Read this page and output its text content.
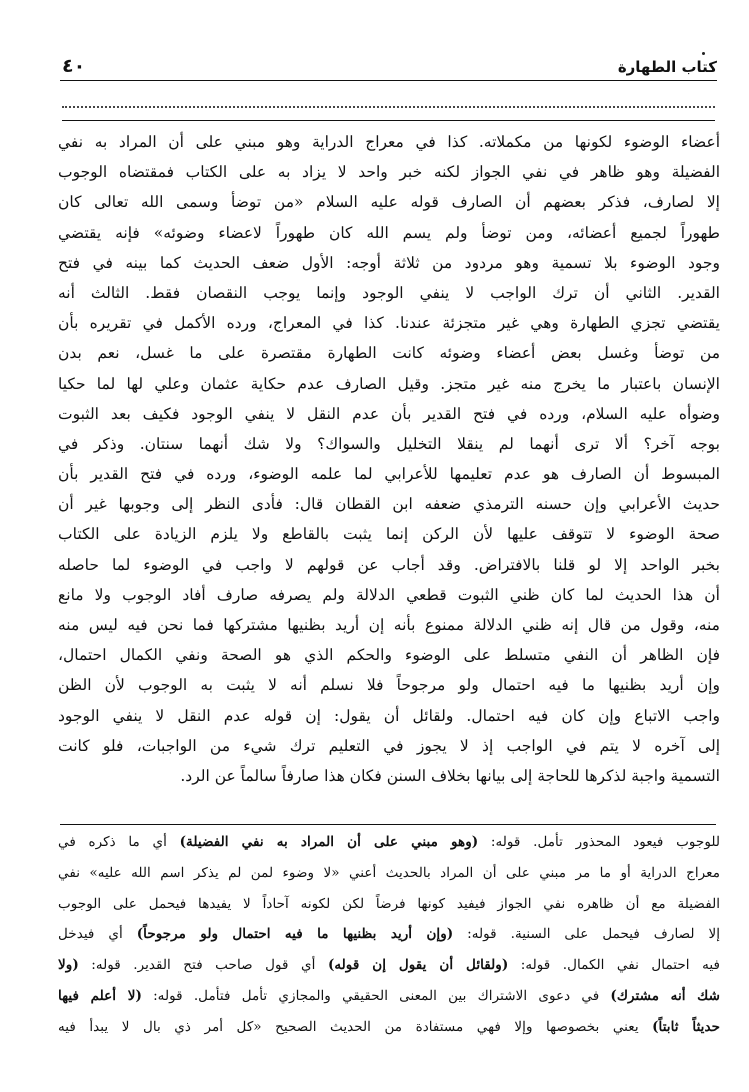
٤٠	كتاب الطهارة
أعضاء الوضوء لكونها من مكملاته. كذا في معراج الدراية وهو مبني على أن المراد به نفي
الفضيلة وهو ظاهر في نفي الجواز لكنه خبر واحد لا يزاد به على الكتاب فمقتضاه الوجوب
إلا لصارف، فذكر بعضهم أن الصارف قوله عليه السلام «من توضأ وسمى الله تعالى كان
طهوراً لجميع أعضائه، ومن توضأ ولم يسم الله كان طهوراً لاعضاء وضوئه» فإنه يقتضي
وجود الوضوء بلا تسمية وهو مردود من ثلاثة أوجه: الأول ضعف الحديث كما بينه في فتح
القدير. الثاني أن ترك الواجب لا ينفي الوجود وإنما يوجب النقصان فقط. الثالث أنه
يقتضي تجزي الطهارة وهي غير متجزئة عندنا. كذا في المعراج، ورده الأكمل في تقريره بأن
من توضأ وغسل بعض أعضاء وضوئه كانت الطهارة مقتصرة على ما غسل، نعم بدن
الإنسان باعتبار ما يخرج منه غير متجز. وقيل الصارف عدم حكاية عثمان وعلي لها لما حكيا
وضوأه عليه السلام، ورده في فتح القدير بأن عدم النقل لا ينفي الوجود فكيف بعد الثبوت
بوجه آخر؟ ألا ترى أنهما لم ينقلا التخليل والسواك؟ ولا شك أنهما سنتان. وذكر في
المبسوط أن الصارف هو عدم تعليمها للأعرابي لما علمه الوضوء، ورده في فتح القدير بأن
حديث الأعرابي وإن حسنه الترمذي ضعفه ابن القطان قال: فأدى النظر إلى وجوبها غير أن
صحة الوضوء لا تتوقف عليها لأن الركن إنما يثبت بالقاطع ولا يلزم الزيادة على الكتاب
بخبر الواحد إلا لو قلنا بالافتراض. وقد أجاب عن قولهم لا واجب في الوضوء لما حاصله
أن هذا الحديث لما كان ظني الثبوت قطعي الدلالة ولم يصرفه صارف أفاد الوجوب ولا مانع
منه، وقول من قال إنه ظني الدلالة ممنوع بأنه إن أريد بظنيها مشتركها فما نحن فيه ليس منه
فإن الظاهر أن النفي متسلط على الوضوء والحكم الذي هو الصحة ونفي الكمال احتمال،
وإن أريد بظنيها ما فيه احتمال ولو مرجوحاً فلا نسلم أنه لا يثبت به الوجوب لأن الظن
واجب الاتباع وإن كان فيه احتمال. ولقائل أن يقول: إن قوله عدم النقل لا ينفي الوجود
إلى آخره لا يتم في الواجب إذ لا يجوز في التعليم ترك شيء من الواجبات، فلو كانت
التسمية واجبة لذكرها للحاجة إلى بيانها بخلاف السنن فكان هذا صارفاً سالماً عن الرد.
للوجوب فيعود المحذور تأمل. قوله: (وهو مبني على أن المراد به نفي الفضيلة) أي ما ذكره في
معراج الدراية أو ما مر مبني على أن المراد بالحديث أعني «لا وضوء لمن لم يذكر اسم الله عليه» نفي
الفضيلة مع أن ظاهره نفي الجواز فيفيد كونها فرضاً لكن لكونه آحاداً لا يفيدها فيحمل على الوجوب
إلا لصارف فيحمل على السنية. قوله: (وإن أريد بظنيها ما فيه احتمال ولو مرجوحاً) أي فيدخل
فيه احتمال نفي الكمال. قوله: (ولقائل أن يقول إن قوله) أي قول صاحب فتح القدير. قوله: (ولا
شك أنه مشترك) في دعوى الاشتراك بين المعنى الحقيقي والمجازي تأمل فتأمل. قوله: (لا أعلم فيها
حديثاً ثابتاً) يعني بخصوصها وإلا فهي مستفادة من الحديث الصحيح «كل أمر ذي بال لا يبدأ فيه
